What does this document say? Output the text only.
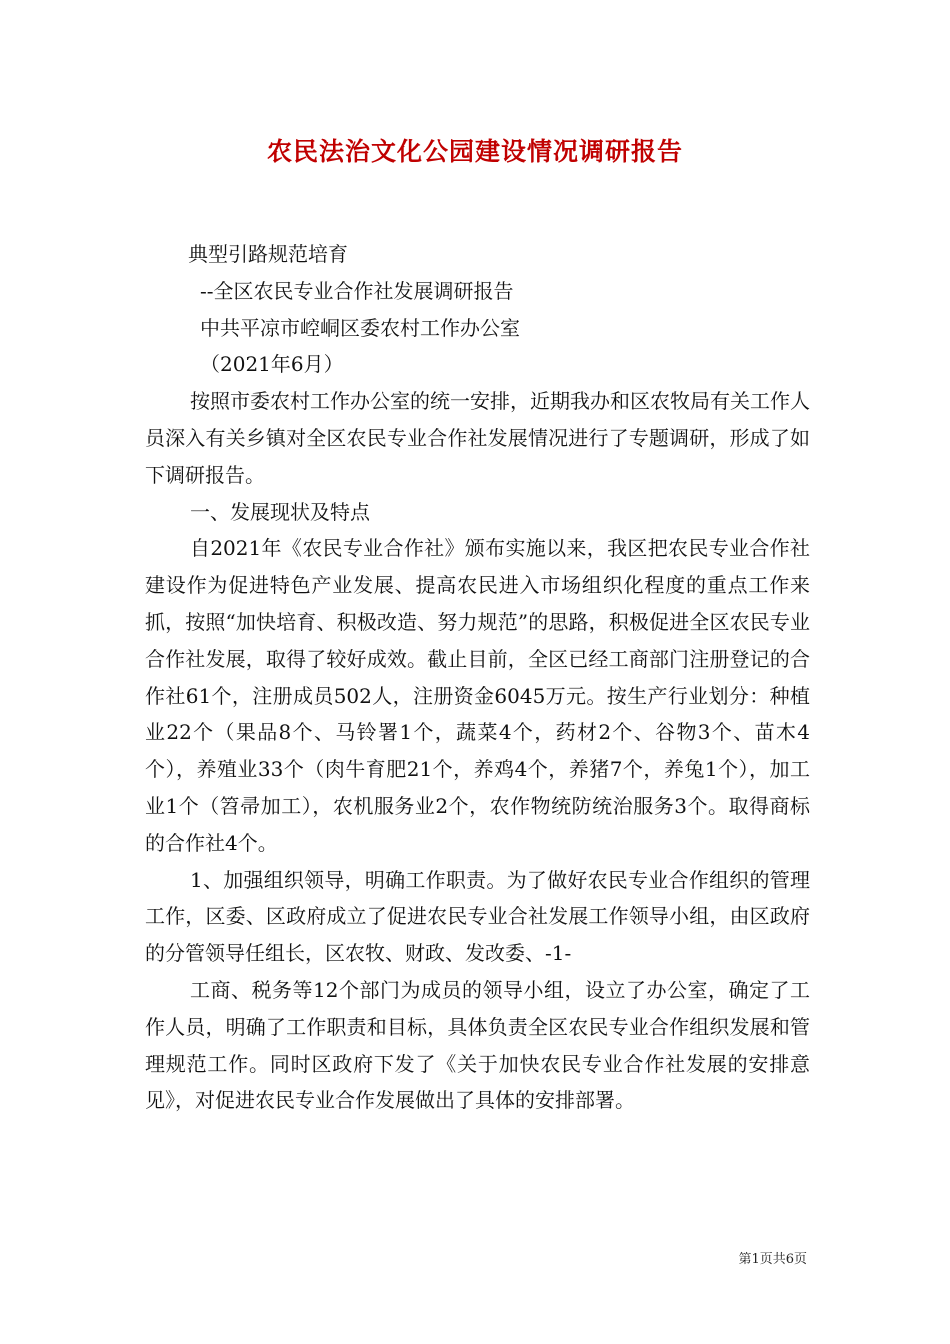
农民法治文化公园建设情况调研报告

典型引路规范培育

--全区农民专业合作社发展调研报告

中共平凉市崆峒区委农村工作办公室

（2021年6月）

按照市委农村工作办公室的统一安排，近期我办和区农牧局有关工作人员深入有关乡镇对全区农民专业合作社发展情况进行了专题调研，形成了如下调研报告。

一、发展现状及特点

自2021年《农民专业合作社》颁布实施以来，我区把农民专业合作社建设作为促进特色产业发展、提高农民进入市场组织化程度的重点工作来抓，按照“加快培育、积极改造、努力规范”的思路，积极促进全区农民专业合作社发展，取得了较好成效。截止目前，全区已经工商部门注册登记的合作社61个，注册成员502人，注册资金6045万元。按生产行业划分：种植业22个（果品8个、马铃署1个，蔬菜4个，药材2个、谷物3个、苗木4个），养殖业33个（肉牛育肥21个，养鸡4个，养猪7个，养兔1个），加工业1个（笤帚加工），农机服务业2个，农作物统防统治服务3个。取得商标的合作社4个。

1、加强组织领导，明确工作职责。为了做好农民专业合作组织的管理工作，区委、区政府成立了促进农民专业合社发展工作领导小组，由区政府的分管领导任组长，区农牧、财政、发改委、-1-

工商、税务等12个部门为成员的领导小组，设立了办公室，确定了工作人员，明确了工作职责和目标，具体负责全区农民专业合作组织发展和管理规范工作。同时区政府下发了《关于加快农民专业合作社发展的安排意见》，对促进农民专业合作发展做出了具体的安排部署。

第1页共6页
